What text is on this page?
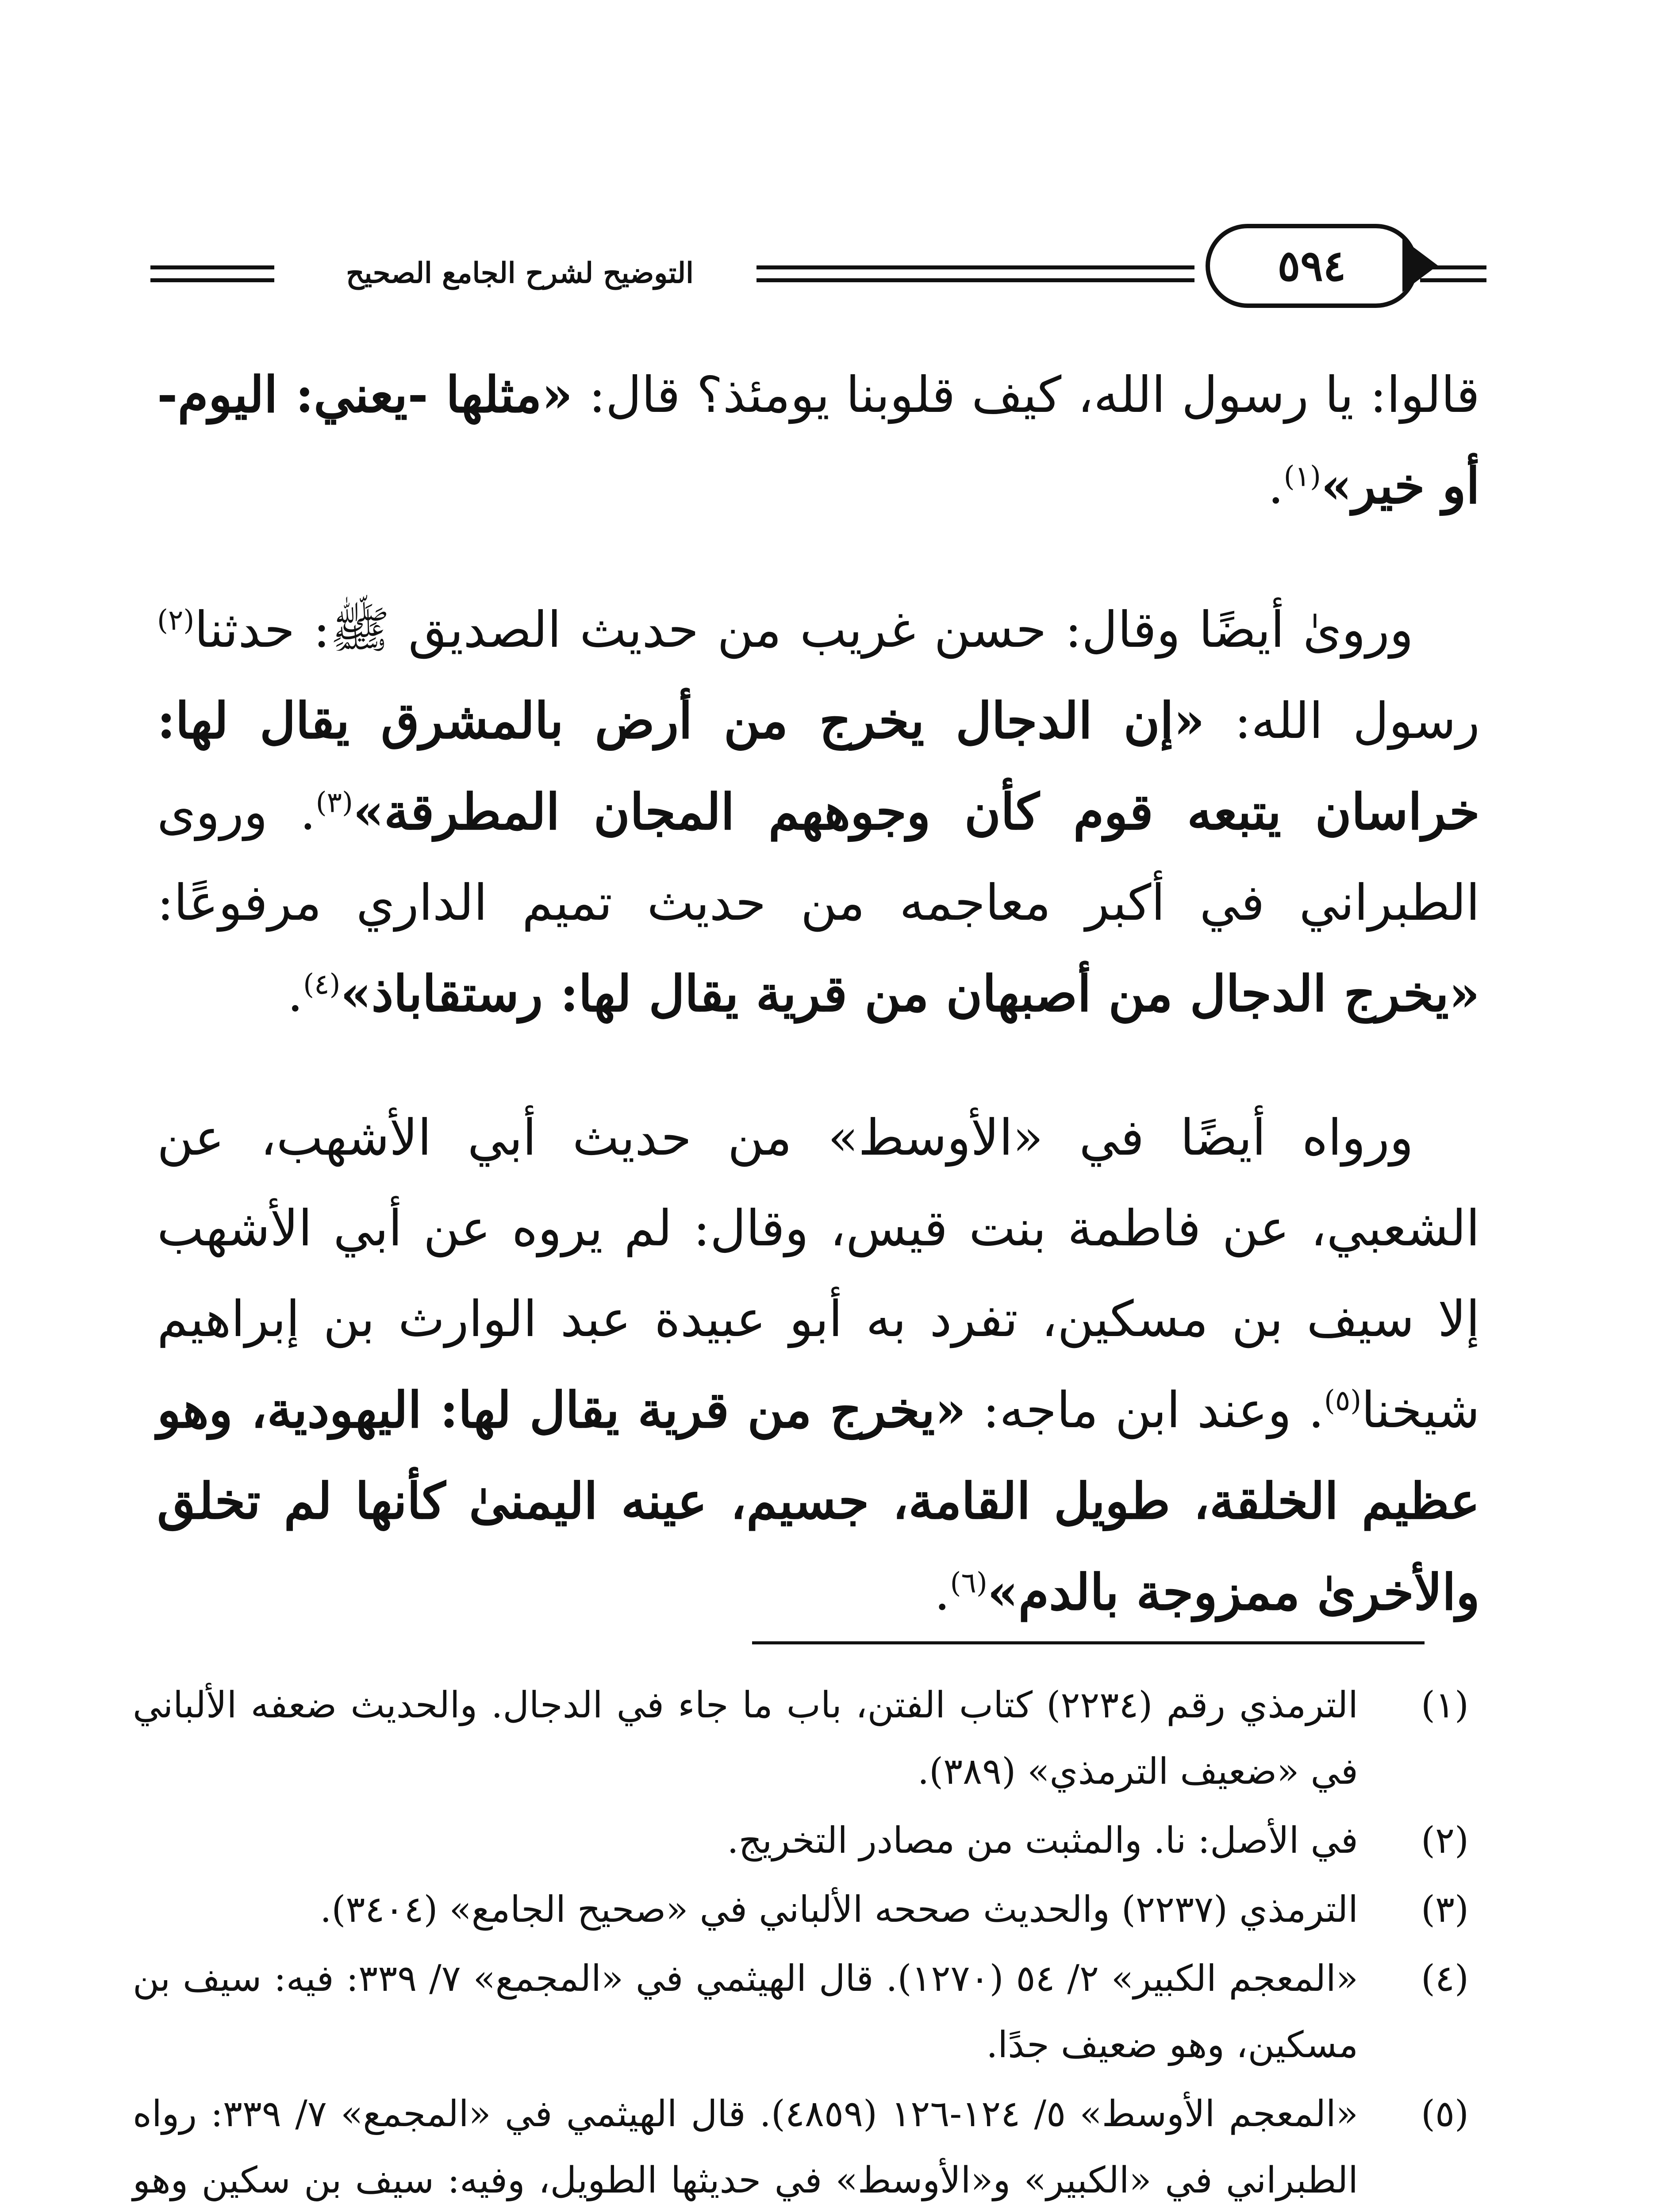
التوضيح لشرح الجامع الصحيح	٥٩٤

قالوا: يا رسول الله، كيف قلوبنا يومئذ؟ قال: «مثلها -يعني: اليوم- أو خير»$^{(١)}$.

وروىٰ أيضًا وقال: حسن غريب من حديث الصديق ﷺ: حدثنا$^{(٢)}$ رسول الله: «إن الدجال يخرج من أرض بالمشرق يقال لها: خراسان يتبعه قوم كأن وجوههم المجان المطرقة»$^{(٣)}$. وروى الطبراني في أكبر معاجمه من حديث تميم الداري مرفوعًا: «يخرج الدجال من أصبهان من قرية يقال لها: رستقاباذ»$^{(٤)}$.

ورواه أيضًا في «الأوسط» من حديث أبي الأشهب، عن الشعبي، عن فاطمة بنت قيس، وقال: لم يروه عن أبي الأشهب إلا سيف بن مسكين، تفرد به أبو عبيدة عبد الوارث بن إبراهيم شيخنا$^{(٥)}$. وعند ابن ماجه: «يخرج من قرية يقال لها: اليهودية، وهو عظيم الخلقة، طويل القامة، جسيم، عينه اليمنىٰ كأنها لم تخلق والأخرىٰ ممزوجة بالدم»$^{(٦)}$.

(١)
الترمذي رقم (٢٢٣٤) كتاب الفتن، باب ما جاء في الدجال. والحديث ضعفه الألباني في «ضعيف الترمذي» (٣٨٩).
(٢)
في الأصل: نا. والمثبت من مصادر التخريج.
(٣)
الترمذي (٢٢٣٧) والحديث صححه الألباني في «صحيح الجامع» (٣٤٠٤).
(٤)
«المعجم الكبير» ٢/ ٥٤ (١٢٧٠). قال الهيثمي في «المجمع» ٧/ ٣٣٩: فيه: سيف بن مسكين، وهو ضعيف جدًا.
(٥)
«المعجم الأوسط» ٥/ ١٢٤-١٢٦ (٤٨٥٩). قال الهيثمي في «المجمع» ٧/ ٣٣٩: رواه الطبراني في «الكبير» و«الأوسط» في حديثها الطويل، وفيه: سيف بن سكين وهو
